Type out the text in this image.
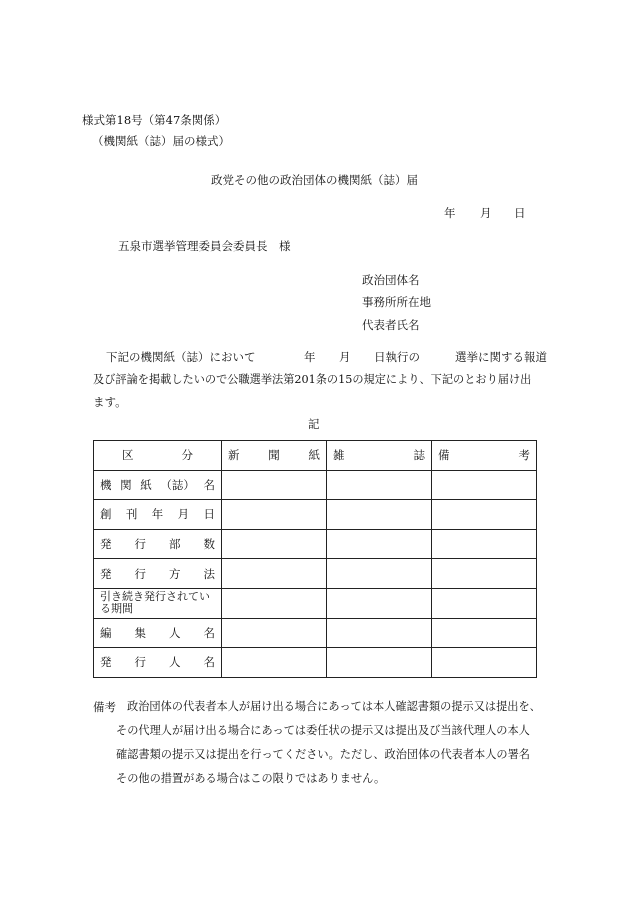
様式第18号（第47条関係）
（機関紙（誌）届の様式）
政党その他の政治団体の機関紙（誌）届
年 月 日
五泉市選挙管理委員会委員長　様
政治団体名
事務所所在地
代表者氏名
下記の機関紙（誌）において	年 月 日執行の	選挙に関する報道
及び評論を掲載したいので公職選挙法第201条の15の規定により、下記のとおり届け出
ます。
記
区 分	新 聞 紙	雑 誌	備 考

機 関 紙 （誌） 名			

創 刊 年 月 日			

発 行 部 数			

発 行 方 法			

引き続き発行されている期間			

編 集 人 名			

発 行 人 名			

備考 政治団体の代表者本人が届け出る場合にあっては本人確認書類の提示又は提出を、
その代理人が届け出る場合にあっては委任状の提示又は提出及び当該代理人の本人
確認書類の提示又は提出を行ってください。ただし、政治団体の代表者本人の署名
その他の措置がある場合はこの限りではありません。
